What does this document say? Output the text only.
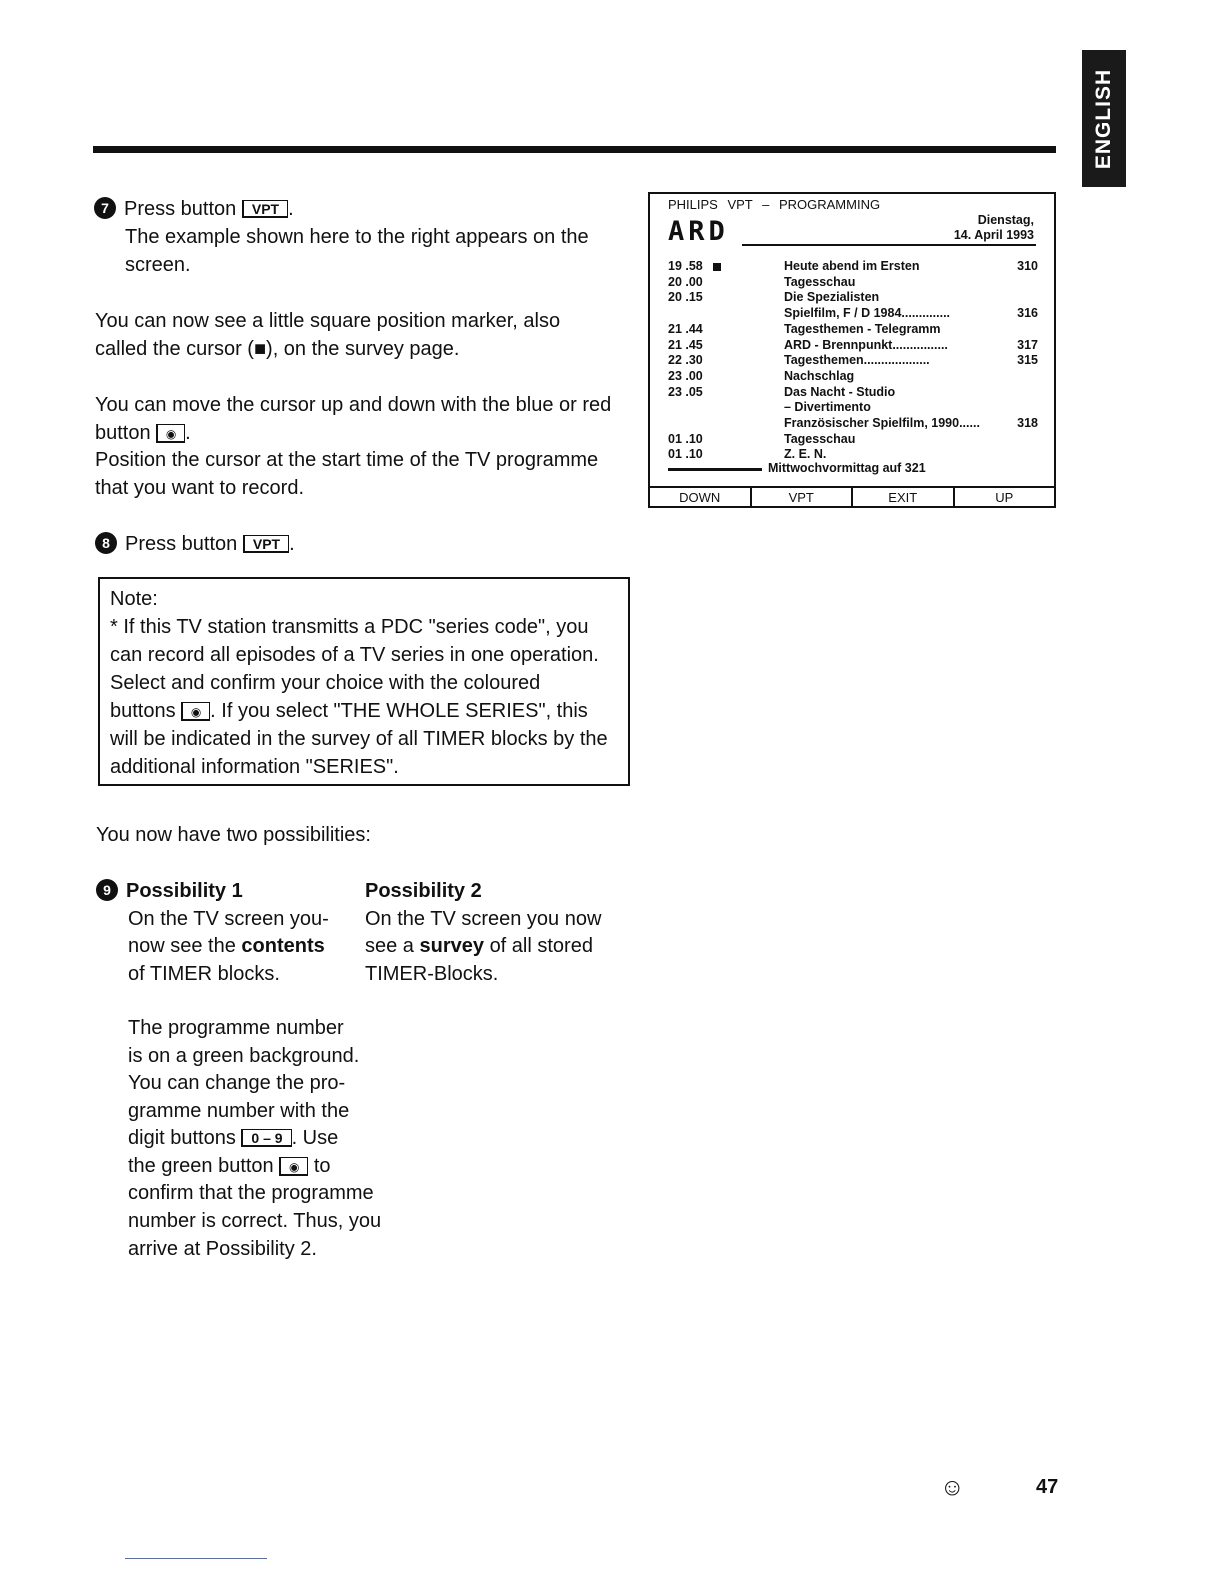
ENGLISH
7 Press button VPT .
The example shown here to the right appears on the
screen.
You can now see a little square position marker, also
called the cursor (■), on the survey page.
You can move the cursor up and down with the blue or red
button ◉ .
Position the cursor at the start time of the TV programme
that you want to record.
8 Press button VPT .
Note:
* If this TV station transmitts a PDC "series code", you
can record all episodes of a TV series in one operation.
Select and confirm your choice with the coloured
buttons ◉ . If you select "THE WHOLE SERIES", this
will be indicated in the survey of all TIMER blocks by the
additional information "SERIES".
You now have two possibilities:
9 Possibility 1
On the TV screen you-
now see the contents
of TIMER blocks.
Possibility 2
On the TV screen you now
see a survey of all stored
TIMER-Blocks.
The programme number
is on a green background.
You can change the pro-
gramme number with the
digit buttons 0 – 9 . Use
the green button ◉ to
confirm that the programme
number is correct. Thus, you
arrive at Possibility 2.
PHILIPS VPT – PROGRAMMING
Dienstag,
14. April 1993
ARD
19 .58	Heute abend im Ersten	310
20 .00	Tagesschau
20 .15	Die Spezialisten
Spielfilm, F / D 1984..............	316
21 .44	Tagesthemen - Telegramm
21 .45	ARD - Brennpunkt................	317
22 .30	Tagesthemen...................	315
23 .00	Nachschlag
23 .05	Das Nacht - Studio
– Divertimento
Französischer Spielfilm, 1990......	318
01 .10	Tagesschau
01 .10	Z. E. N.
Mittwochvormittag auf 321
DOWN	VPT	EXIT	UP
☺	47
